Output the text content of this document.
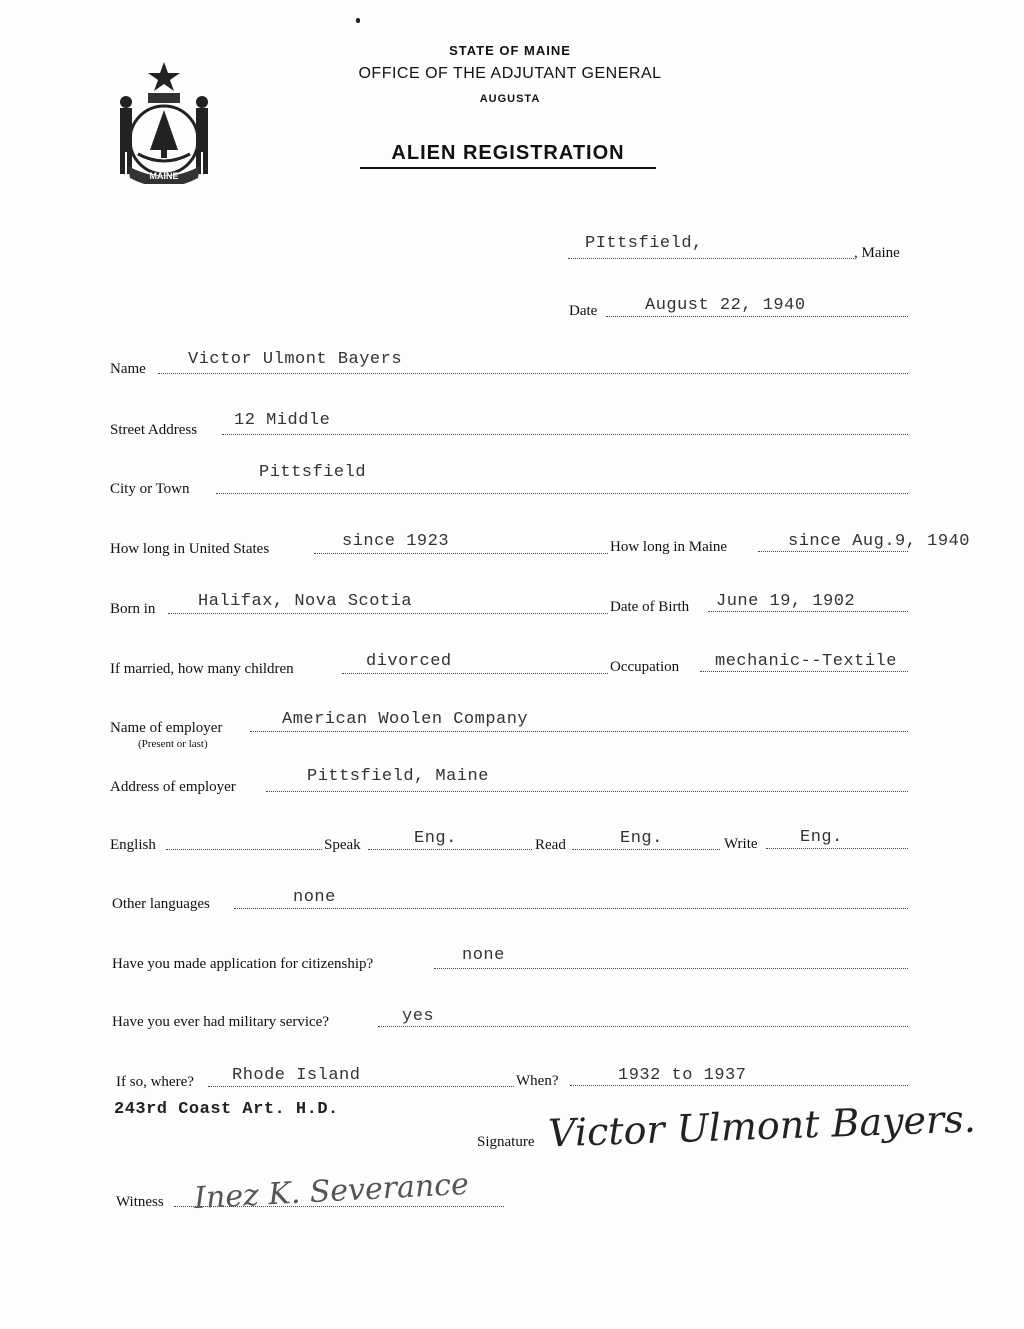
MAINE
STATE OF MAINE
OFFICE OF THE ADJUTANT GENERAL
AUGUSTA
ALIEN REGISTRATION
PIttsfield,	, Maine
Date	August 22, 1940
Name Victor Ulmont Bayers
Street Address 12 Middle
City or Town
Pittsfield
How long in United States	since 1923	How long in Maine	since Aug.9, 1940
Born in	Halifax, Nova Scotia	Date of Birth June 19, 1902
If married, how many children	divorced	Occupation mechanic--Textile
Name of employer
(Present or last)
American Woolen Company
Address of employer
Pittsfield, Maine
English	Speak	Eng.	Read	Eng.	Write Eng.
Other languages	none
Have you made application for citizenship?	none
Have you ever had military service?	yes
If so, where? Rhode Island	When?	1932 to 1937
243rd Coast Art. H.D.
Signature Victor Ulmont Bayers.
Witness Inez K. Severance
